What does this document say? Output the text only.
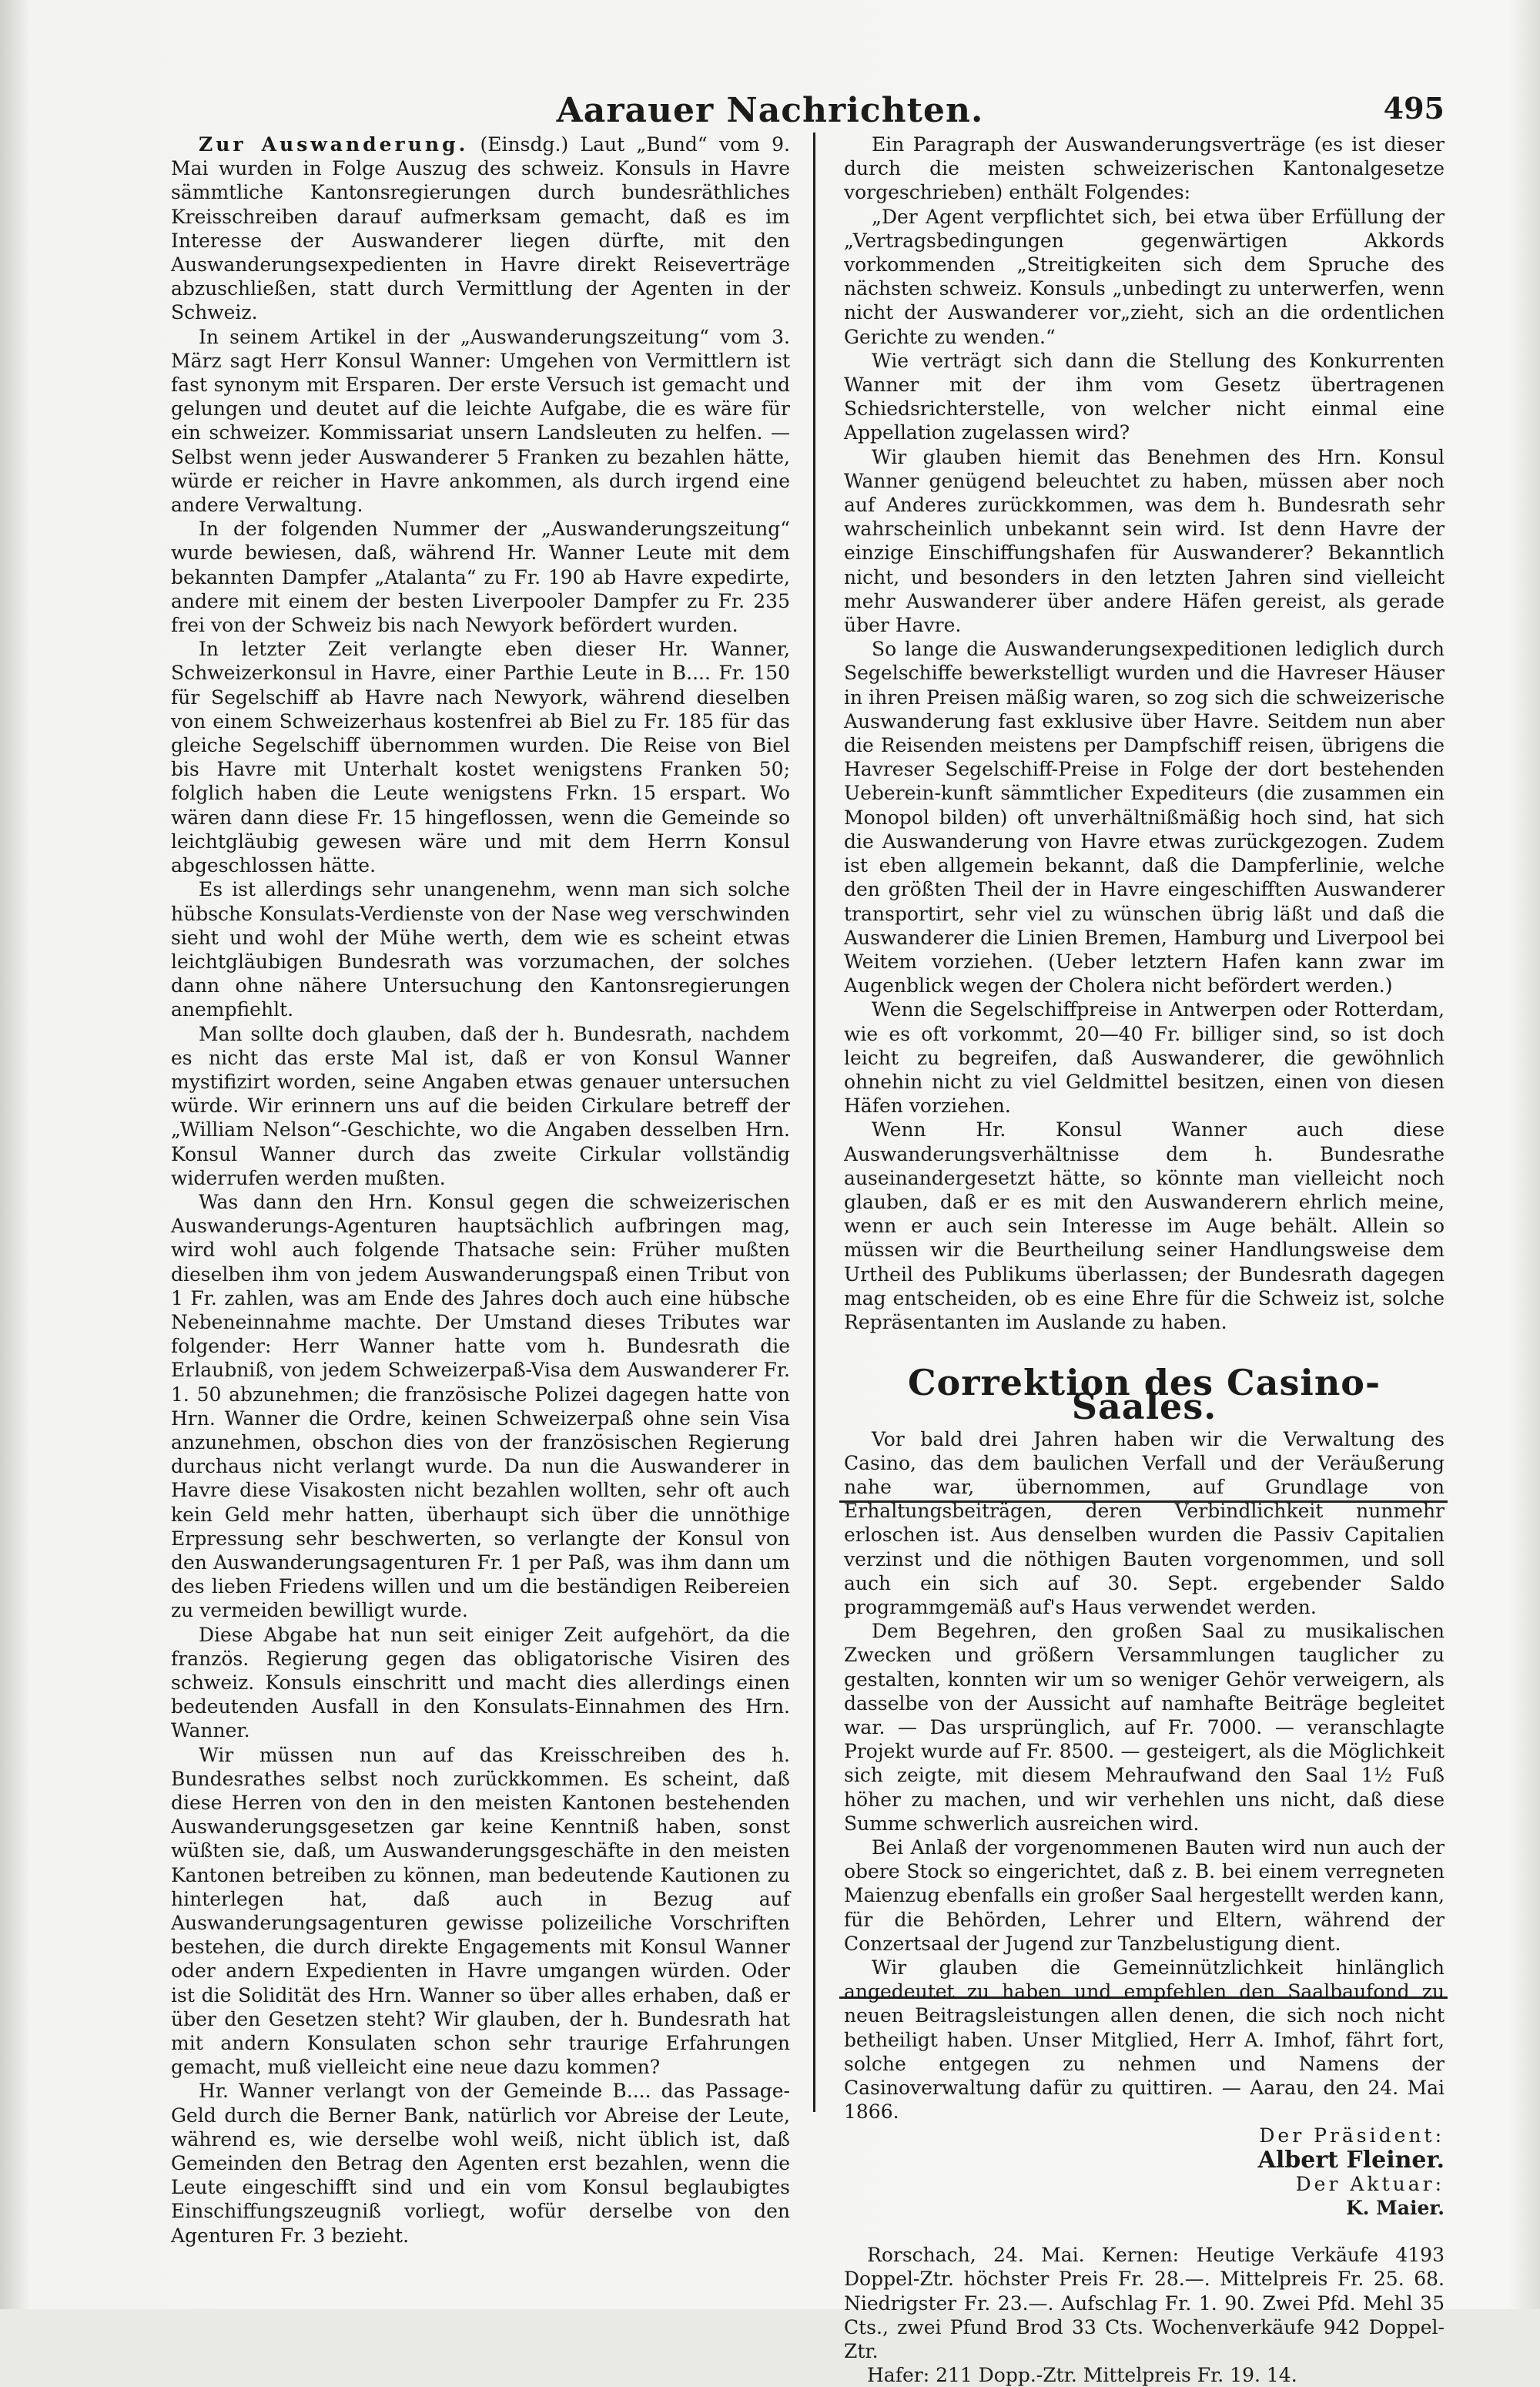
Aarauer Nachrichten.	495

Zur Auswanderung. (Einsdg.) Laut „Bund“ vom 9. Mai wurden in Folge Auszug des schweiz. Konsuls in Havre sämmtliche Kantonsregierungen durch bundesräthliches Kreisschreiben darauf aufmerksam gemacht, daß es im Interesse der Auswanderer liegen dürfte, mit den Auswanderungsexpedienten in Havre direkt Reiseverträge abzuschließen, statt durch Vermittlung der Agenten in der Schweiz.

In seinem Artikel in der „Auswanderungszeitung“ vom 3. März sagt Herr Konsul Wanner: Umgehen von Vermittlern ist fast synonym mit Ersparen. Der erste Versuch ist gemacht und gelungen und deutet auf die leichte Aufgabe, die es wäre für ein schweizer. Kommissariat unsern Landsleuten zu helfen. — Selbst wenn jeder Auswanderer 5 Franken zu bezahlen hätte, würde er reicher in Havre ankommen, als durch irgend eine andere Verwaltung.

In der folgenden Nummer der „Auswanderungszeitung“ wurde bewiesen, daß, während Hr. Wanner Leute mit dem bekannten Dampfer „Atalanta“ zu Fr. 190 ab Havre expedirte, andere mit einem der besten Liverpooler Dampfer zu Fr. 235 frei von der Schweiz bis nach Newyork befördert wurden.

In letzter Zeit verlangte eben dieser Hr. Wanner, Schweizerkonsul in Havre, einer Parthie Leute in B.... Fr. 150 für Segelschiff ab Havre nach Newyork, während dieselben von einem Schweizerhaus kostenfrei ab Biel zu Fr. 185 für das gleiche Segelschiff übernommen wurden. Die Reise von Biel bis Havre mit Unterhalt kostet wenigstens Franken 50; folglich haben die Leute wenigstens Frkn. 15 erspart. Wo wären dann diese Fr. 15 hingeflossen, wenn die Gemeinde so leichtgläubig gewesen wäre und mit dem Herrn Konsul abgeschlossen hätte.

Es ist allerdings sehr unangenehm, wenn man sich solche hübsche Konsulats-Verdienste von der Nase weg verschwinden sieht und wohl der Mühe werth, dem wie es scheint etwas leichtgläubigen Bundesrath was vorzumachen, der solches dann ohne nähere Untersuchung den Kantonsregierungen anempfiehlt.

Man sollte doch glauben, daß der h. Bundesrath, nachdem es nicht das erste Mal ist, daß er von Konsul Wanner mystifizirt worden, seine Angaben etwas genauer untersuchen würde. Wir erinnern uns auf die beiden Cirkulare betreff der „William Nelson“-Geschichte, wo die Angaben desselben Hrn. Konsul Wanner durch das zweite Cirkular vollständig widerrufen werden mußten.

Was dann den Hrn. Konsul gegen die schweizerischen Auswanderungs-Agenturen hauptsächlich aufbringen mag, wird wohl auch folgende Thatsache sein: Früher mußten dieselben ihm von jedem Auswanderungspaß einen Tribut von 1 Fr. zahlen, was am Ende des Jahres doch auch eine hübsche Nebeneinnahme machte. Der Umstand dieses Tributes war folgender: Herr Wanner hatte vom h. Bundesrath die Erlaubniß, von jedem Schweizerpaß-Visa dem Auswanderer Fr. 1. 50 abzunehmen; die französische Polizei dagegen hatte von Hrn. Wanner die Ordre, keinen Schweizerpaß ohne sein Visa anzunehmen, obschon dies von der französischen Regierung durchaus nicht verlangt wurde. Da nun die Auswanderer in Havre diese Visakosten nicht bezahlen wollten, sehr oft auch kein Geld mehr hatten, überhaupt sich über die unnöthige Erpressung sehr beschwerten, so verlangte der Konsul von den Auswanderungsagenturen Fr. 1 per Paß, was ihm dann um des lieben Friedens willen und um die beständigen Reibereien zu vermeiden bewilligt wurde.

Diese Abgabe hat nun seit einiger Zeit aufgehört, da die französ. Regierung gegen das obligatorische Visiren des schweiz. Konsuls einschritt und macht dies allerdings einen bedeutenden Ausfall in den Konsulats-Einnahmen des Hrn. Wanner.

Wir müssen nun auf das Kreisschreiben des h. Bundesrathes selbst noch zurückkommen. Es scheint, daß diese Herren von den in den meisten Kantonen bestehenden Auswanderungsgesetzen gar keine Kenntniß haben, sonst wüßten sie, daß, um Auswanderungsgeschäfte in den meisten Kantonen betreiben zu können, man bedeutende Kautionen zu hinterlegen hat, daß auch in Bezug auf Auswanderungsagenturen gewisse polizeiliche Vorschriften bestehen, die durch direkte Engagements mit Konsul Wanner oder andern Expedienten in Havre umgangen würden. Oder ist die Solidität des Hrn. Wanner so über alles erhaben, daß er über den Gesetzen steht? Wir glauben, der h. Bundesrath hat mit andern Konsulaten schon sehr traurige Erfahrungen gemacht, muß vielleicht eine neue dazu kommen?

Hr. Wanner verlangt von der Gemeinde B.... das Passage-Geld durch die Berner Bank, natürlich vor Abreise der Leute, während es, wie derselbe wohl weiß, nicht üblich ist, daß Gemeinden den Betrag den Agenten erst bezahlen, wenn die Leute eingeschifft sind und ein vom Konsul beglaubigtes Einschiffungszeugniß vorliegt, wofür derselbe von den Agenturen Fr. 3 bezieht.

Ein Paragraph der Auswanderungsverträge (es ist dieser durch die meisten schweizerischen Kantonalgesetze vorgeschrieben) enthält Folgendes:

„Der Agent verpflichtet sich, bei etwa über Erfüllung der „Vertragsbedingungen gegenwärtigen Akkords vorkommenden „Streitigkeiten sich dem Spruche des nächsten schweiz. Konsuls „unbedingt zu unterwerfen, wenn nicht der Auswanderer vor„zieht, sich an die ordentlichen Gerichte zu wenden.“

Wie verträgt sich dann die Stellung des Konkurrenten Wanner mit der ihm vom Gesetz übertragenen Schiedsrichterstelle, von welcher nicht einmal eine Appellation zugelassen wird?

Wir glauben hiemit das Benehmen des Hrn. Konsul Wanner genügend beleuchtet zu haben, müssen aber noch auf Anderes zurückkommen, was dem h. Bundesrath sehr wahrscheinlich unbekannt sein wird. Ist denn Havre der einzige Einschiffungshafen für Auswanderer? Bekanntlich nicht, und besonders in den letzten Jahren sind vielleicht mehr Auswanderer über andere Häfen gereist, als gerade über Havre.

So lange die Auswanderungsexpeditionen lediglich durch Segelschiffe bewerkstelligt wurden und die Havreser Häuser in ihren Preisen mäßig waren, so zog sich die schweizerische Auswanderung fast exklusive über Havre. Seitdem nun aber die Reisenden meistens per Dampfschiff reisen, übrigens die Havreser Segelschiff-Preise in Folge der dort bestehenden Ueberein-kunft sämmtlicher Expediteurs (die zusammen ein Monopol bilden) oft unverhältnißmäßig hoch sind, hat sich die Auswanderung von Havre etwas zurückgezogen. Zudem ist eben allgemein bekannt, daß die Dampferlinie, welche den größten Theil der in Havre eingeschifften Auswanderer transportirt, sehr viel zu wünschen übrig läßt und daß die Auswanderer die Linien Bremen, Hamburg und Liverpool bei Weitem vorziehen. (Ueber letztern Hafen kann zwar im Augenblick wegen der Cholera nicht befördert werden.)

Wenn die Segelschiffpreise in Antwerpen oder Rotterdam, wie es oft vorkommt, 20—40 Fr. billiger sind, so ist doch leicht zu begreifen, daß Auswanderer, die gewöhnlich ohnehin nicht zu viel Geldmittel besitzen, einen von diesen Häfen vorziehen.

Wenn Hr. Konsul Wanner auch diese Auswanderungsverhältnisse dem h. Bundesrathe auseinandergesetzt hätte, so könnte man vielleicht noch glauben, daß er es mit den Auswanderern ehrlich meine, wenn er auch sein Interesse im Auge behält. Allein so müssen wir die Beurtheilung seiner Handlungsweise dem Urtheil des Publikums überlassen; der Bundesrath dagegen mag entscheiden, ob es eine Ehre für die Schweiz ist, solche Repräsentanten im Auslande zu haben.

Correktion des Casino-Saales.

Vor bald drei Jahren haben wir die Verwaltung des Casino, das dem baulichen Verfall und der Veräußerung nahe war, übernommen, auf Grundlage von Erhaltungsbeiträgen, deren Verbindlichkeit nunmehr erloschen ist. Aus denselben wurden die Passiv Capitalien verzinst und die nöthigen Bauten vorgenommen, und soll auch ein sich auf 30. Sept. ergebender Saldo programmgemäß auf's Haus verwendet werden.

Dem Begehren, den großen Saal zu musikalischen Zwecken und größern Versammlungen tauglicher zu gestalten, konnten wir um so weniger Gehör verweigern, als dasselbe von der Aussicht auf namhafte Beiträge begleitet war. — Das ursprünglich, auf Fr. 7000. — veranschlagte Projekt wurde auf Fr. 8500. — gesteigert, als die Möglichkeit sich zeigte, mit diesem Mehraufwand den Saal 1½ Fuß höher zu machen, und wir verhehlen uns nicht, daß diese Summe schwerlich ausreichen wird.

Bei Anlaß der vorgenommenen Bauten wird nun auch der obere Stock so eingerichtet, daß z. B. bei einem verregneten Maienzug ebenfalls ein großer Saal hergestellt werden kann, für die Behörden, Lehrer und Eltern, während der Conzertsaal der Jugend zur Tanzbelustigung dient.

Wir glauben die Gemeinnützlichkeit hinlänglich angedeutet zu haben und empfehlen den Saalbaufond zu neuen Beitragsleistungen allen denen, die sich noch nicht betheiligt haben. Unser Mitglied, Herr A. Imhof, fährt fort, solche entgegen zu nehmen und Namens der Casinoverwaltung dafür zu quittiren. — Aarau, den 24. Mai 1866.

Der Präsident:

Albert Fleiner.

Der Aktuar:

K. Maier.

Rorschach, 24. Mai. Kernen: Heutige Verkäufe 4193 Doppel-Ztr. höchster Preis Fr. 28.—. Mittelpreis Fr. 25. 68. Niedrigster Fr. 23.—. Aufschlag Fr. 1. 90. Zwei Pfd. Mehl 35 Cts., zwei Pfund Brod 33 Cts. Wochenverkäufe 942 Doppel-Ztr.

Hafer: 211 Dopp.-Ztr. Mittelpreis Fr. 19. 14.
